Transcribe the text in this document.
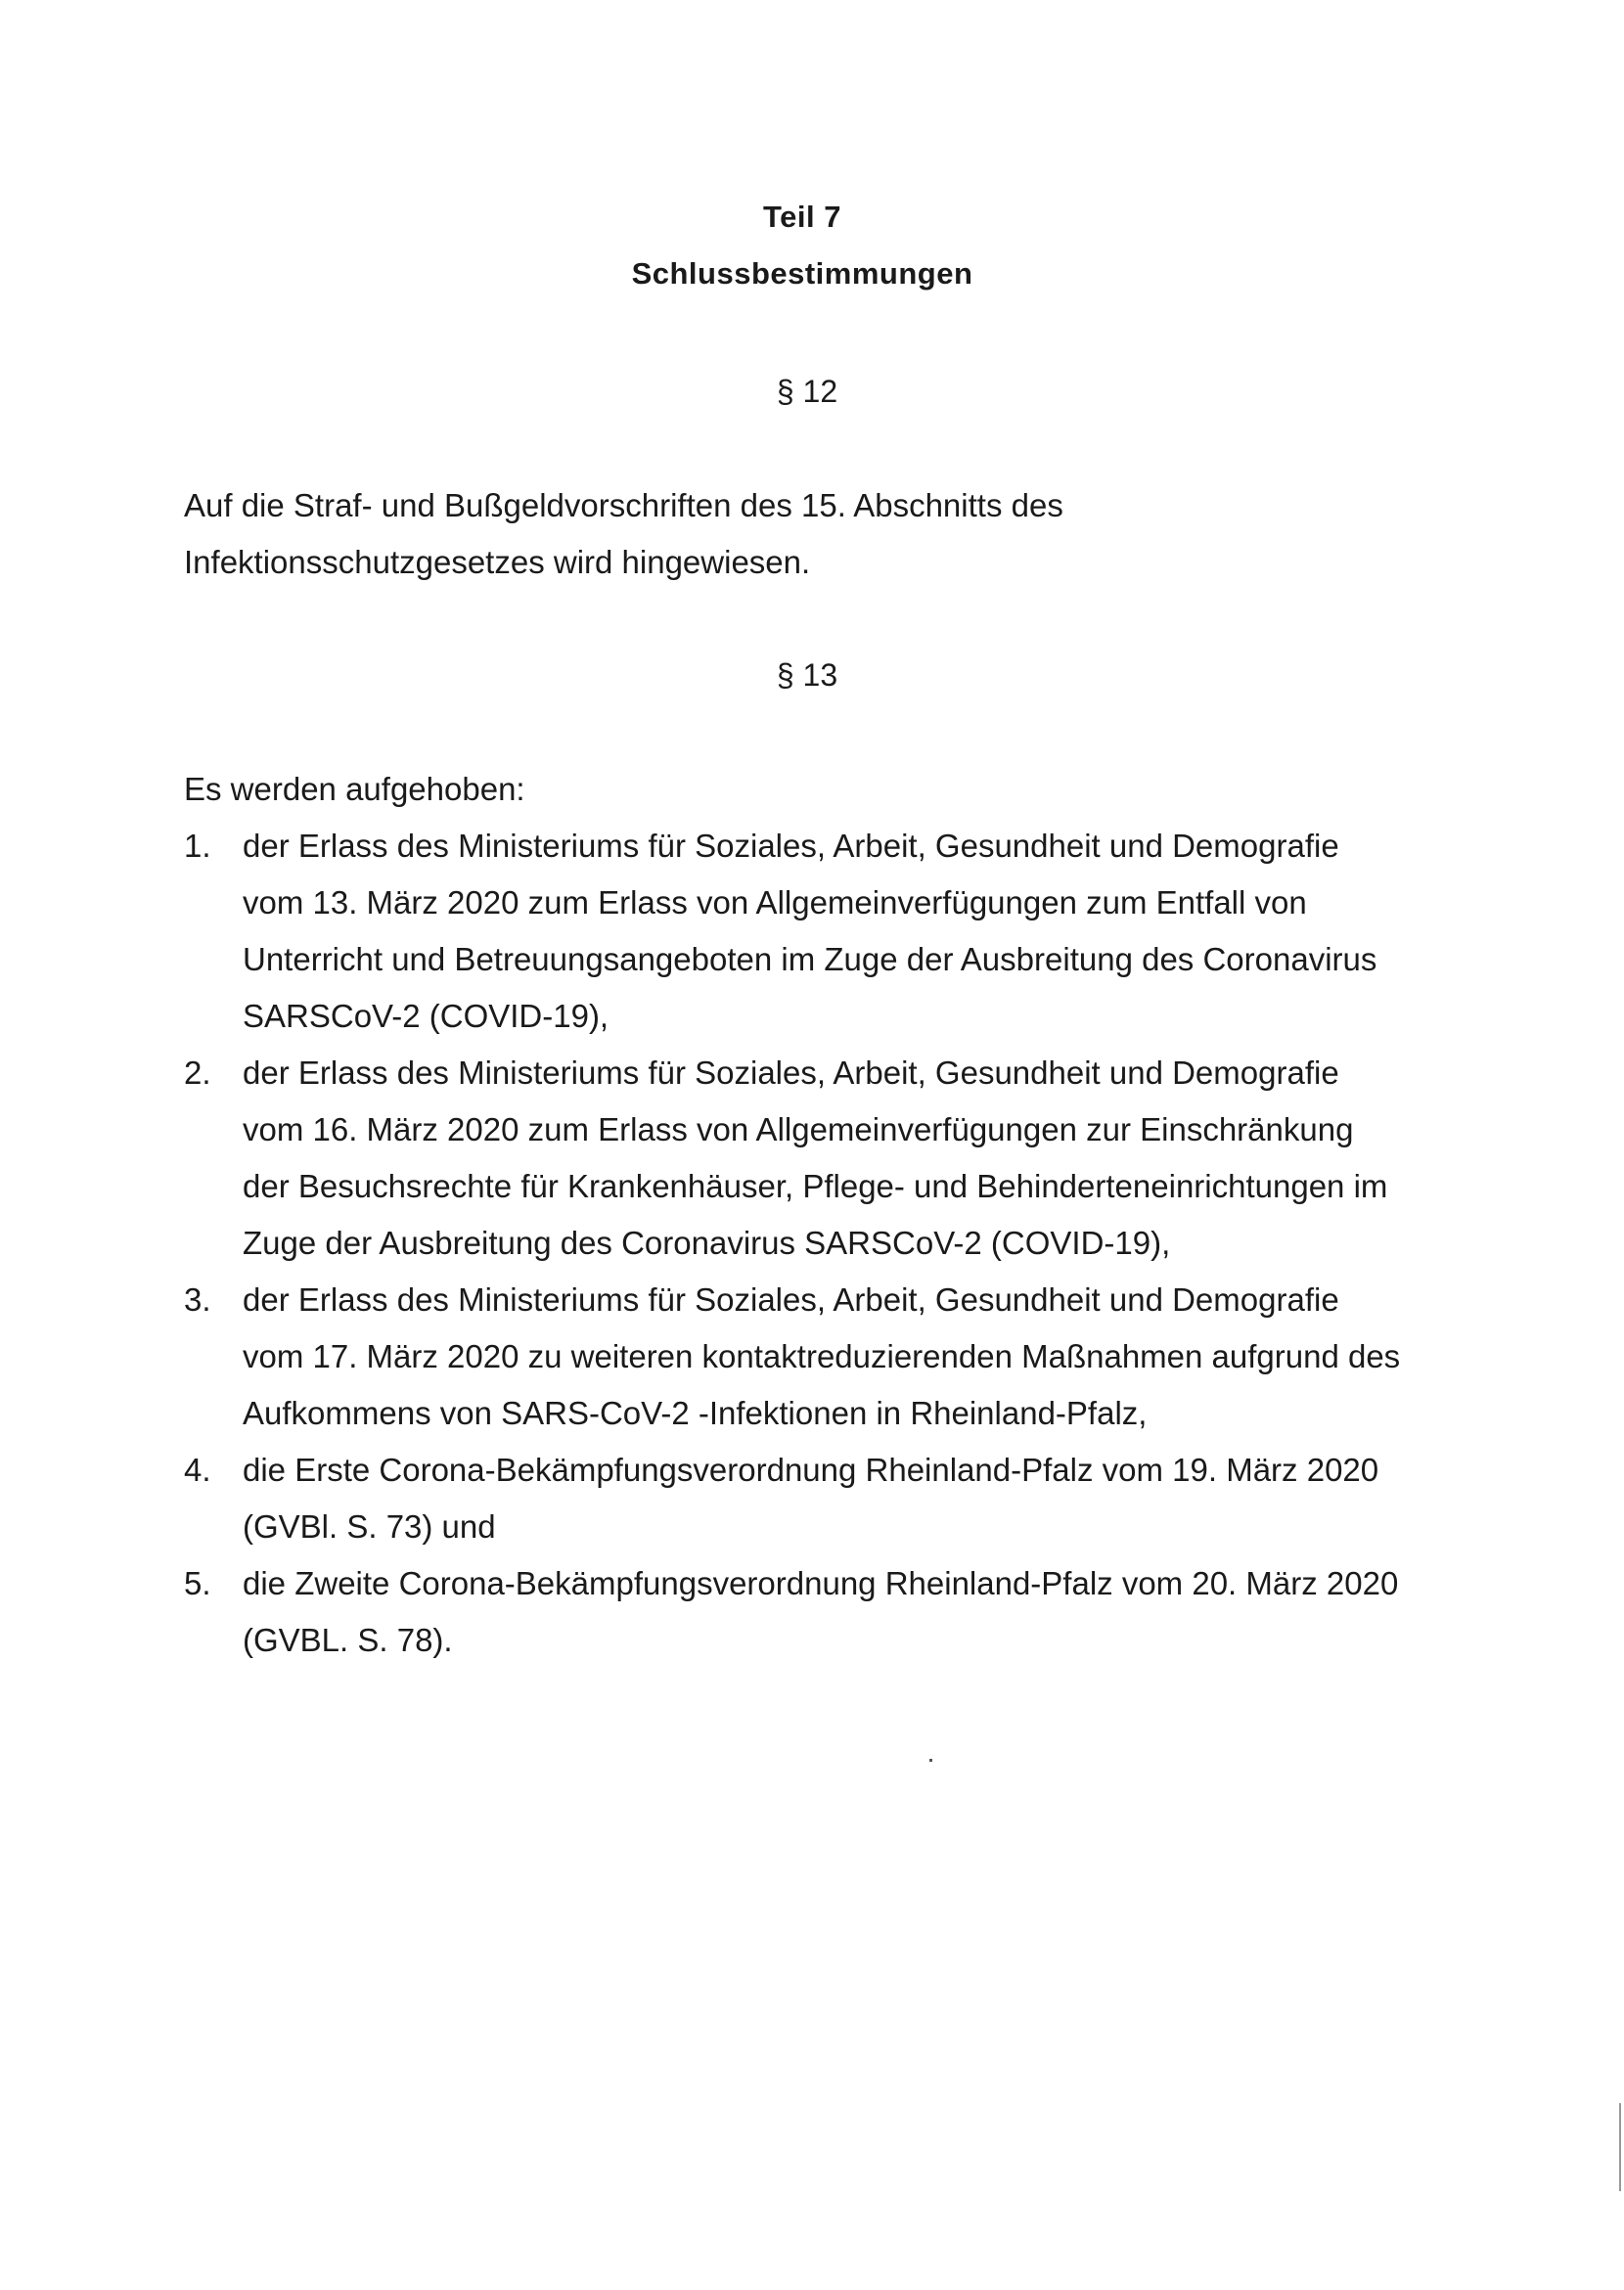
Teil 7
Schlussbestimmungen
§ 12
Auf die Straf- und Bußgeldvorschriften des 15. Abschnitts des
Infektionsschutzgesetzes wird hingewiesen.
§ 13
Es werden aufgehoben:
1. der Erlass des Ministeriums für Soziales, Arbeit, Gesundheit und Demografie
vom 13. März 2020 zum Erlass von Allgemeinverfügungen zum Entfall von
Unterricht und Betreuungsangeboten im Zuge der Ausbreitung des Coronavirus
SARSCoV-2 (COVID-19),
2. der Erlass des Ministeriums für Soziales, Arbeit, Gesundheit und Demografie
vom 16. März 2020 zum Erlass von Allgemeinverfügungen zur Einschränkung
der Besuchsrechte für Krankenhäuser, Pflege- und Behinderteneinrichtungen im
Zuge der Ausbreitung des Coronavirus SARSCoV-2 (COVID-19),
3. der Erlass des Ministeriums für Soziales, Arbeit, Gesundheit und Demografie
vom 17. März 2020 zu weiteren kontaktreduzierenden Maßnahmen aufgrund des
Aufkommens von SARS-CoV-2 -Infektionen in Rheinland-Pfalz,
4. die Erste Corona-Bekämpfungsverordnung Rheinland-Pfalz vom 19. März 2020
(GVBl. S. 73) und
5. die Zweite Corona-Bekämpfungsverordnung Rheinland-Pfalz vom 20. März 2020
(GVBL. S. 78).
